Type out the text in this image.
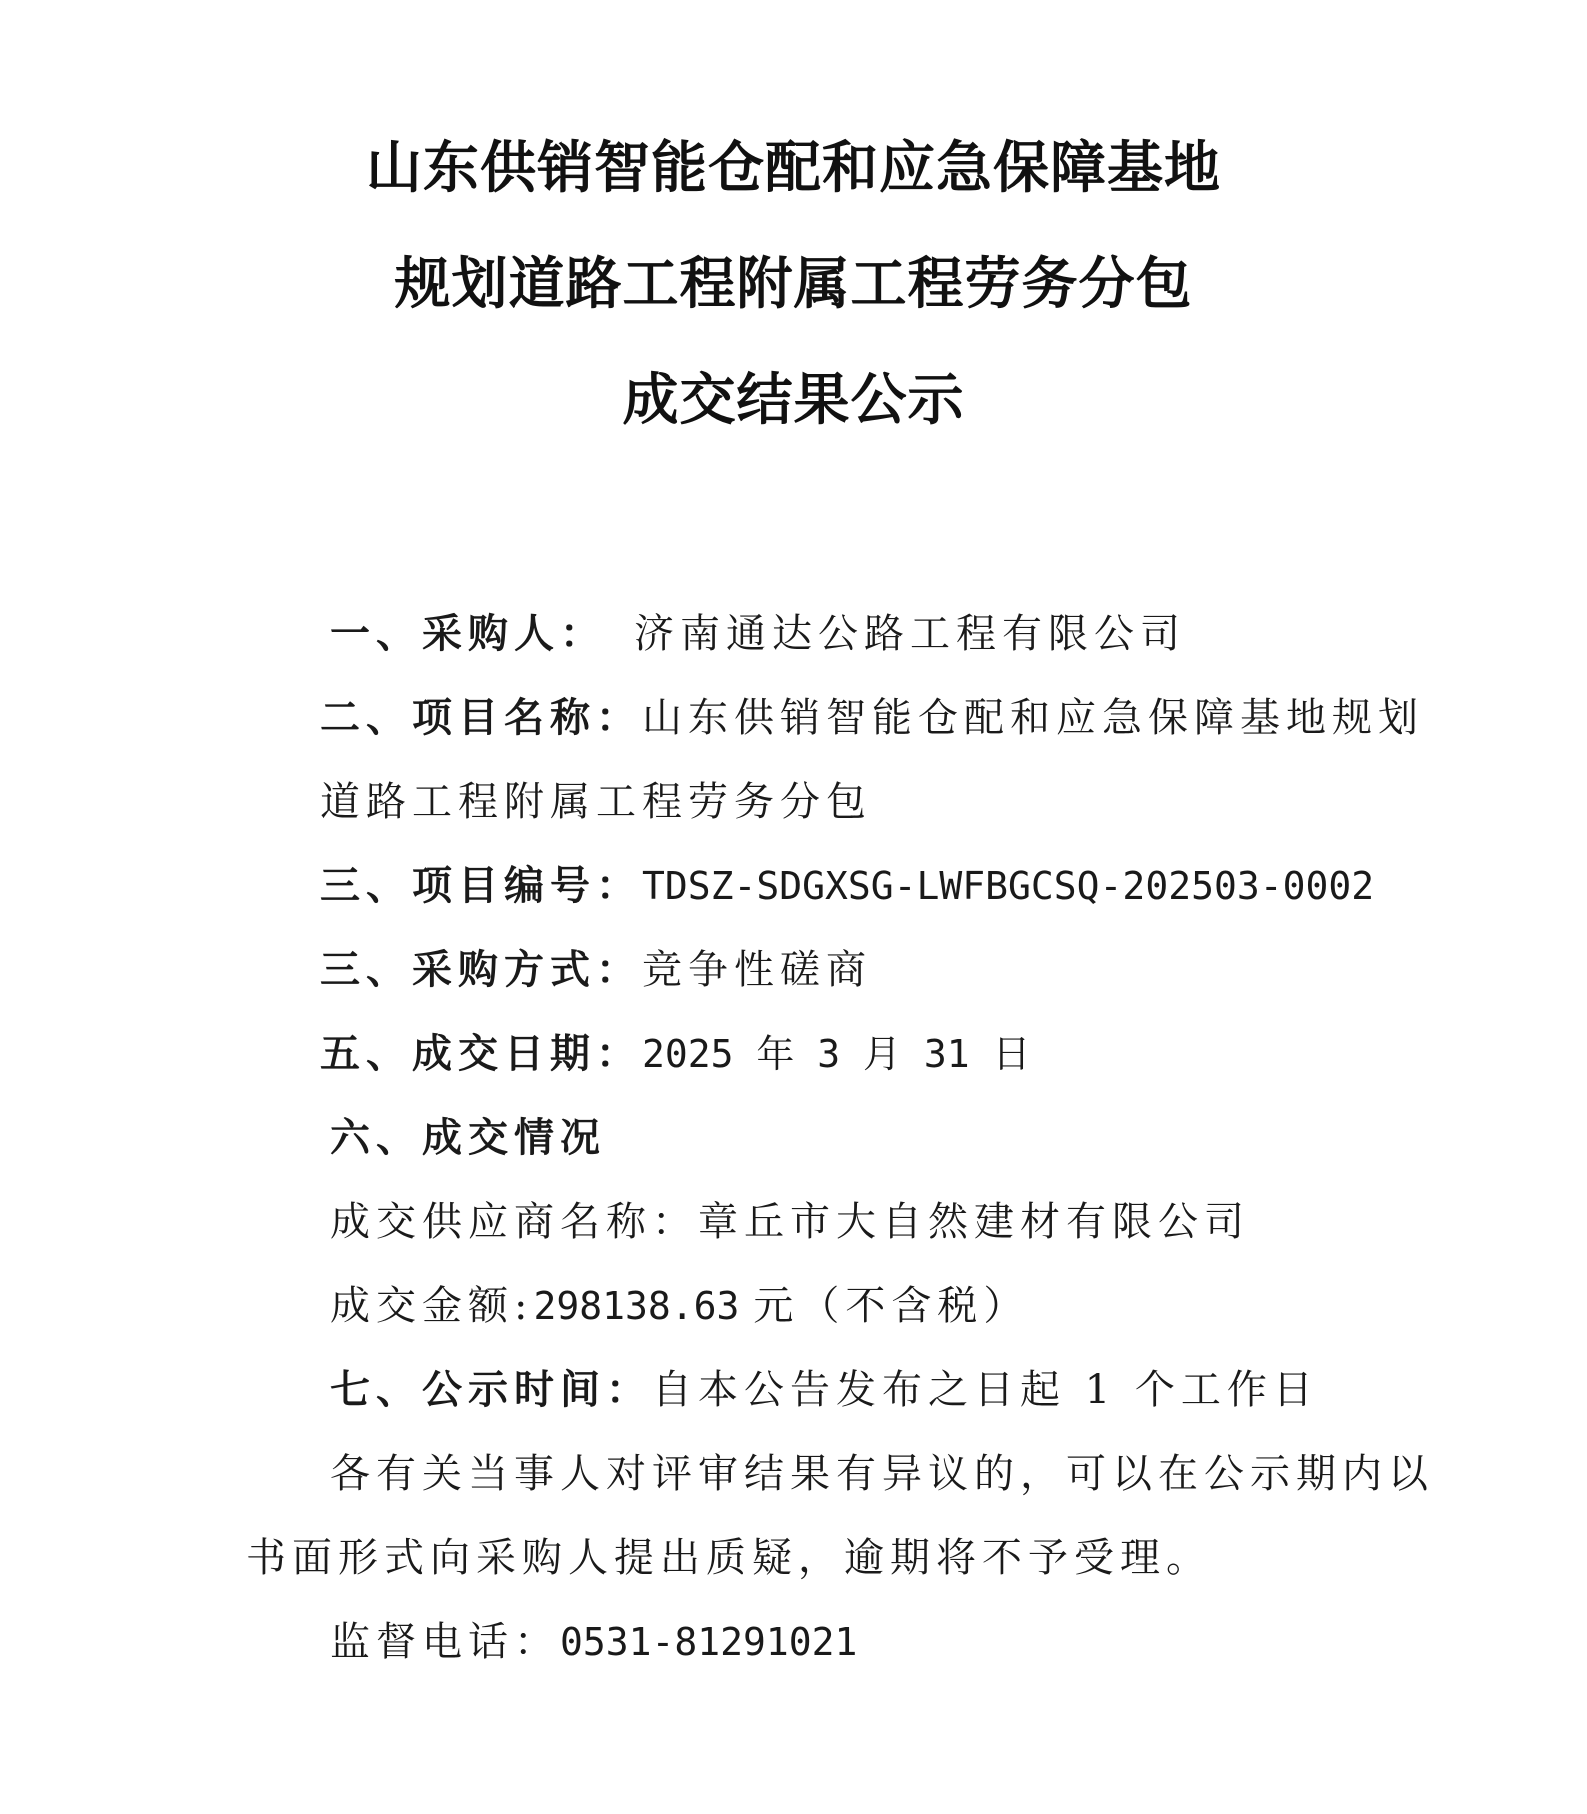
山东供销智能仓配和应急保障基地
规划道路工程附属工程劳务分包
成交结果公示
一、采购人： 济南通达公路工程有限公司
二、项目名称：山东供销智能仓配和应急保障基地规划
道路工程附属工程劳务分包
三、项目编号：TDSZ-SDGXSG-LWFBGCSQ-202503-0002
三、采购方式：竞争性磋商
五、成交日期：2025 年 3 月 31 日
六、成交情况
成交供应商名称：章丘市大自然建材有限公司
成交金额:298138.63 元（不含税）
七、公示时间：自本公告发布之日起 1 个工作日
各有关当事人对评审结果有异议的，可以在公示期内以
书面形式向采购人提出质疑，逾期将不予受理。
监督电话：0531-81291021
